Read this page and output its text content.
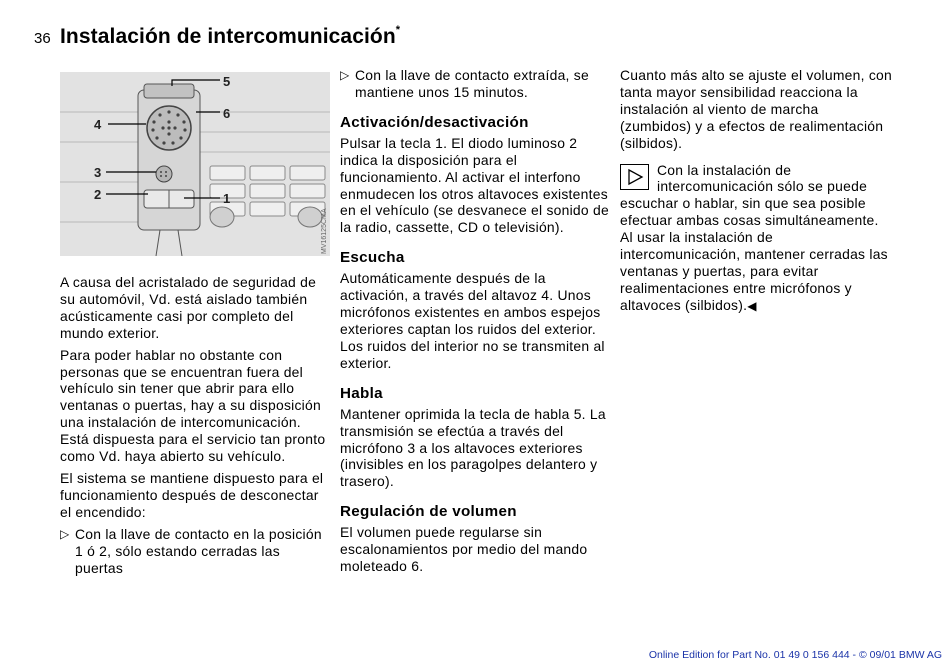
36 Instalación de intercomunicación*
5
6
4
3
2	1
MV16125CMA

A causa del acristalado de seguridad de su automóvil, Vd. está aislado también acústicamente casi por completo del mundo exterior.

Para poder hablar no obstante con personas que se encuentran fuera del vehículo sin tener que abrir para ello ventanas o puertas, hay a su disposición una instalación de intercomunicación. Está dispuesta para el servicio tan pronto como Vd. haya abierto su vehículo.

El sistema se mantiene dispuesto para el funcionamiento después de desconectar el encendido:

▷ Con la llave de contacto en la posición 1 ó 2, sólo estando cerradas las puertas
▷ Con la llave de contacto extraída, se mantiene unos 15 minutos.
Activación/desactivación

Pulsar la tecla 1. El diodo luminoso 2 indica la disposición para el funcionamiento. Al activar el interfono enmudecen los otros altavoces existentes en el vehículo (se desvanece el sonido de la radio, cassette, CD o televisión).

Escucha

Automáticamente después de la activación, a través del altavoz 4. Unos micrófonos existentes en ambos espejos exteriores captan los ruidos del exterior. Los ruidos del interior no se transmiten al exterior.

Habla

Mantener oprimida la tecla de habla 5. La transmisión se efectúa a través del micrófono 3 a los altavoces exteriores (invisibles en los paragolpes delantero y trasero).

Regulación de volumen

El volumen puede regularse sin escalonamientos por medio del mando moleteado 6.

Cuanto más alto se ajuste el volumen, con tanta mayor sensibilidad reacciona la instalación al viento de marcha (zumbidos) y a efectos de realimentación (silbidos).

Con la instalación de intercomunicación sólo se puede escuchar o hablar, sin que sea posible efectuar ambas cosas simultáneamente.
Al usar la instalación de intercomunicación, mantener cerradas las ventanas y puertas, para evitar realimentaciones entre micrófonos y altavoces (silbidos).◀
Online Edition for Part No. 01 49 0 156 444 - © 09/01 BMW AG
